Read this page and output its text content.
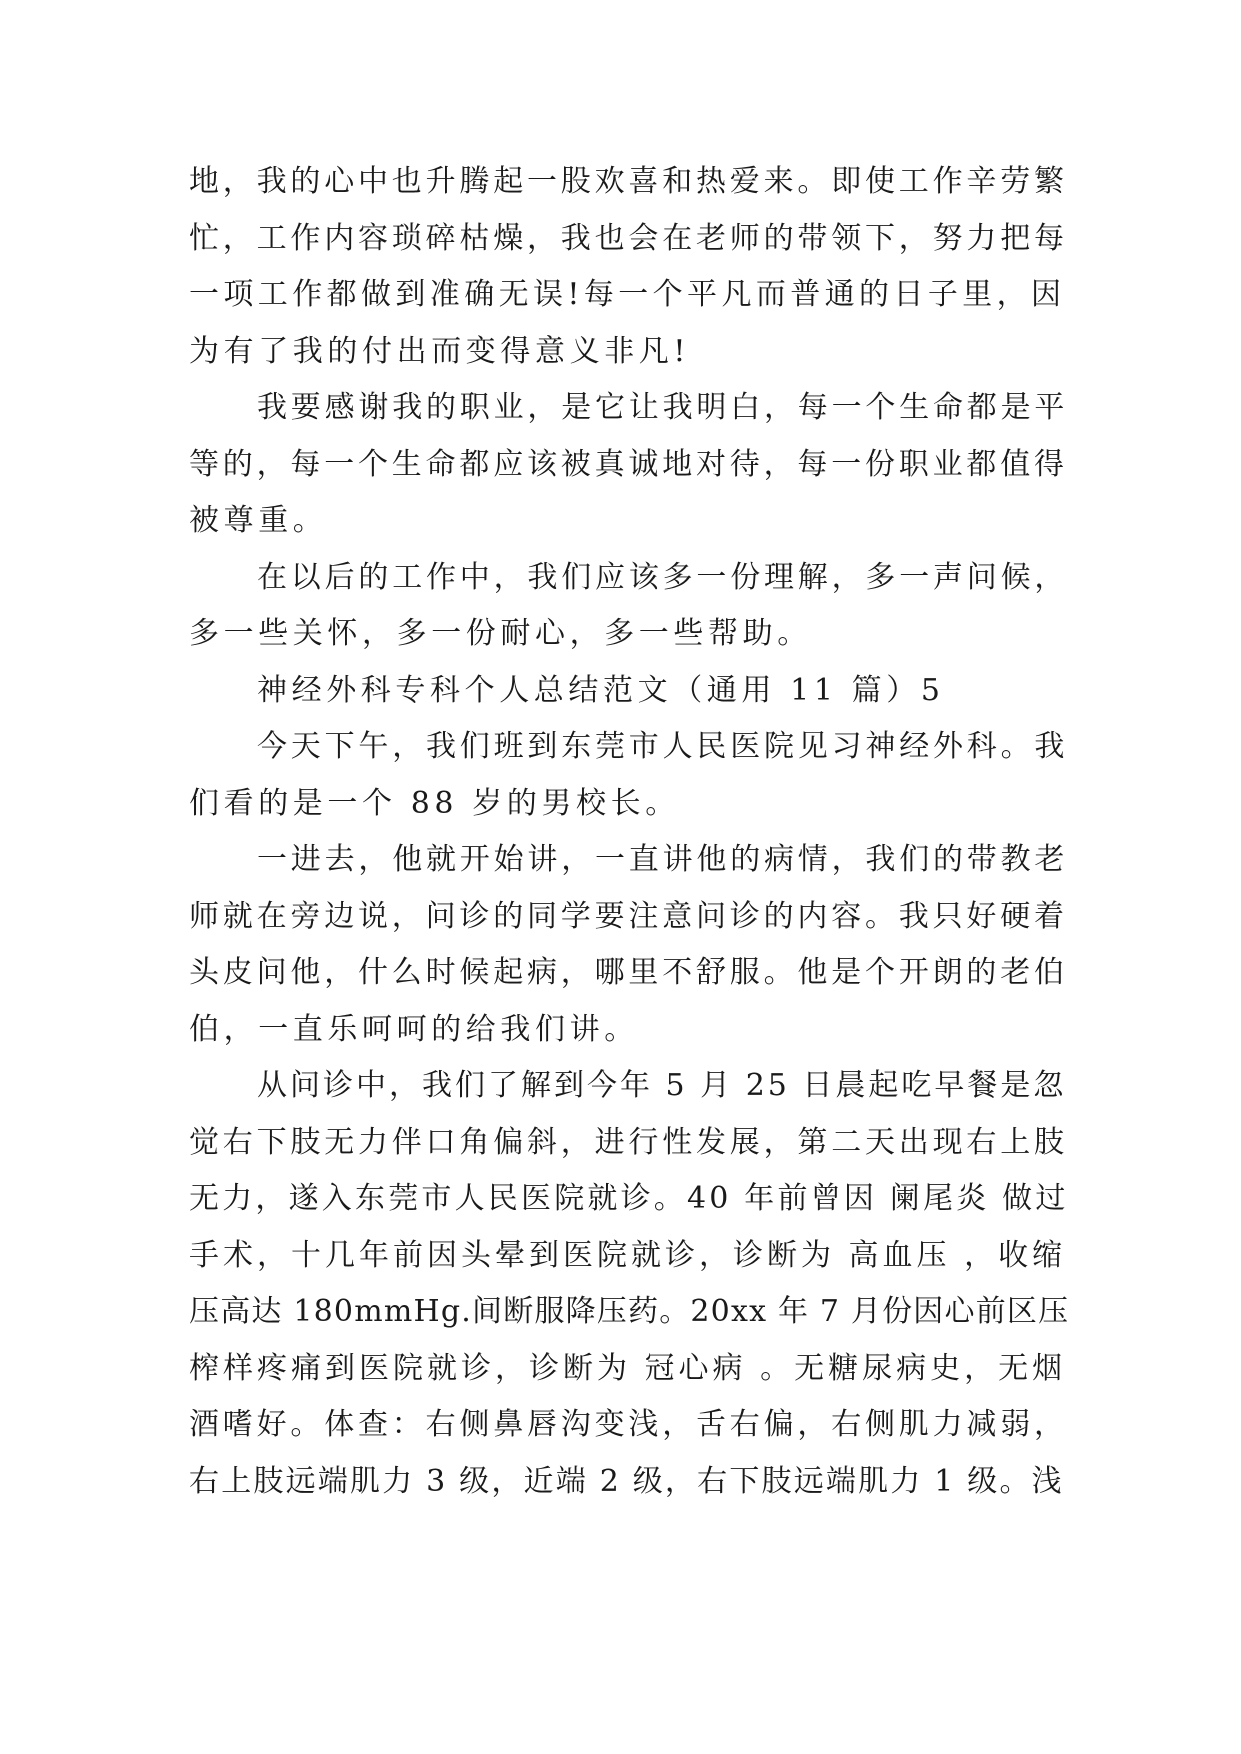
地，我的心中也升腾起一股欢喜和热爱来。即使工作辛劳繁
忙，工作内容琐碎枯燥，我也会在老师的带领下，努力把每
一项工作都做到准确无误!每一个平凡而普通的日子里，因
为有了我的付出而变得意义非凡!
我要感谢我的职业，是它让我明白，每一个生命都是平
等的，每一个生命都应该被真诚地对待，每一份职业都值得
被尊重。
在以后的工作中，我们应该多一份理解，多一声问候，
多一些关怀，多一份耐心，多一些帮助。
神经外科专科个人总结范文（通用 11 篇）5
今天下午，我们班到东莞市人民医院见习神经外科。我
们看的是一个 88 岁的男校长。
一进去，他就开始讲，一直讲他的病情，我们的带教老
师就在旁边说，问诊的同学要注意问诊的内容。我只好硬着
头皮问他，什么时候起病，哪里不舒服。他是个开朗的老伯
伯，一直乐呵呵的给我们讲。
从问诊中，我们了解到今年 5 月 25 日晨起吃早餐是忽
觉右下肢无力伴口角偏斜，进行性发展，第二天出现右上肢
无力，遂入东莞市人民医院就诊。40 年前曾因 阑尾炎 做过
手术，十几年前因头晕到医院就诊，诊断为 高血压 ，收缩
压高达 180mmHg.间断服降压药。20xx 年 7 月份因心前区压
榨样疼痛到医院就诊，诊断为 冠心病 。无糖尿病史，无烟
酒嗜好。体查：右侧鼻唇沟变浅，舌右偏，右侧肌力减弱，
右上肢远端肌力 3 级，近端 2 级，右下肢远端肌力 1 级。浅
